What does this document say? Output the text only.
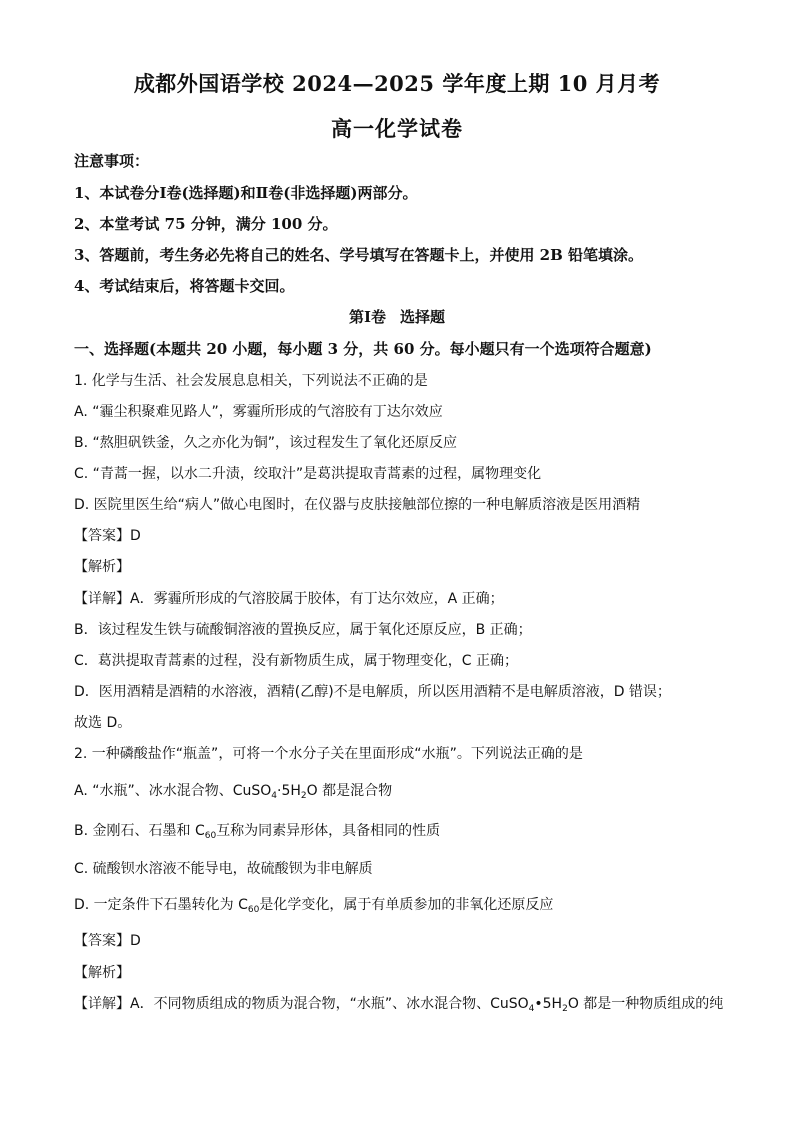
成都外国语学校 2024—2025 学年度上期 10 月月考
高一化学试卷
注意事项：
1、本试卷分Ⅰ卷(选择题)和Ⅱ卷(非选择题)两部分。
2、本堂考试 75 分钟，满分 100 分。
3、答题前，考生务必先将自己的姓名、学号填写在答题卡上，并使用 2B 铅笔填涂。
4、考试结束后，将答题卡交回。
第Ⅰ卷 选择题
一、选择题(本题共 20 小题，每小题 3 分，共 60 分。每小题只有一个选项符合题意)
1. 化学与生活、社会发展息息相关，下列说法不正确的是
A. “霾尘积聚难见路人”，雾霾所形成的气溶胶有丁达尔效应
B. “熬胆矾铁釜，久之亦化为铜”，该过程发生了氧化还原反应
C. “青蒿一握，以水二升渍，绞取汁”是葛洪提取青蒿素的过程，属物理变化
D. 医院里医生给“病人”做心电图时，在仪器与皮肤接触部位擦的一种电解质溶液是医用酒精
【答案】D
【解析】
【详解】A．雾霾所形成的气溶胶属于胶体，有丁达尔效应，A 正确；
B．该过程发生铁与硫酸铜溶液的置换反应，属于氧化还原反应，B 正确；
C．葛洪提取青蒿素的过程，没有新物质生成，属于物理变化，C 正确；
D．医用酒精是酒精的水溶液，酒精(乙醇)不是电解质，所以医用酒精不是电解质溶液，D 错误；
故选 D。
2. 一种磷酸盐作“瓶盖”，可将一个水分子关在里面形成“水瓶”。下列说法正确的是
A. “水瓶”、冰水混合物、$CuSO_4\cdot 5H_2O$ 都是混合物
B. 金刚石、石墨和 $C_{60}$互称为同素异形体，具备相同的性质
C. 硫酸钡水溶液不能导电，故硫酸钡为非电解质
D. 一定条件下石墨转化为 $C_{60}$是化学变化，属于有单质参加的非氧化还原反应
【答案】D
【解析】
【详解】A．不同物质组成的物质为混合物，“水瓶”、冰水混合物、$CuSO_4•5H_2O$ 都是一种物质组成的纯
